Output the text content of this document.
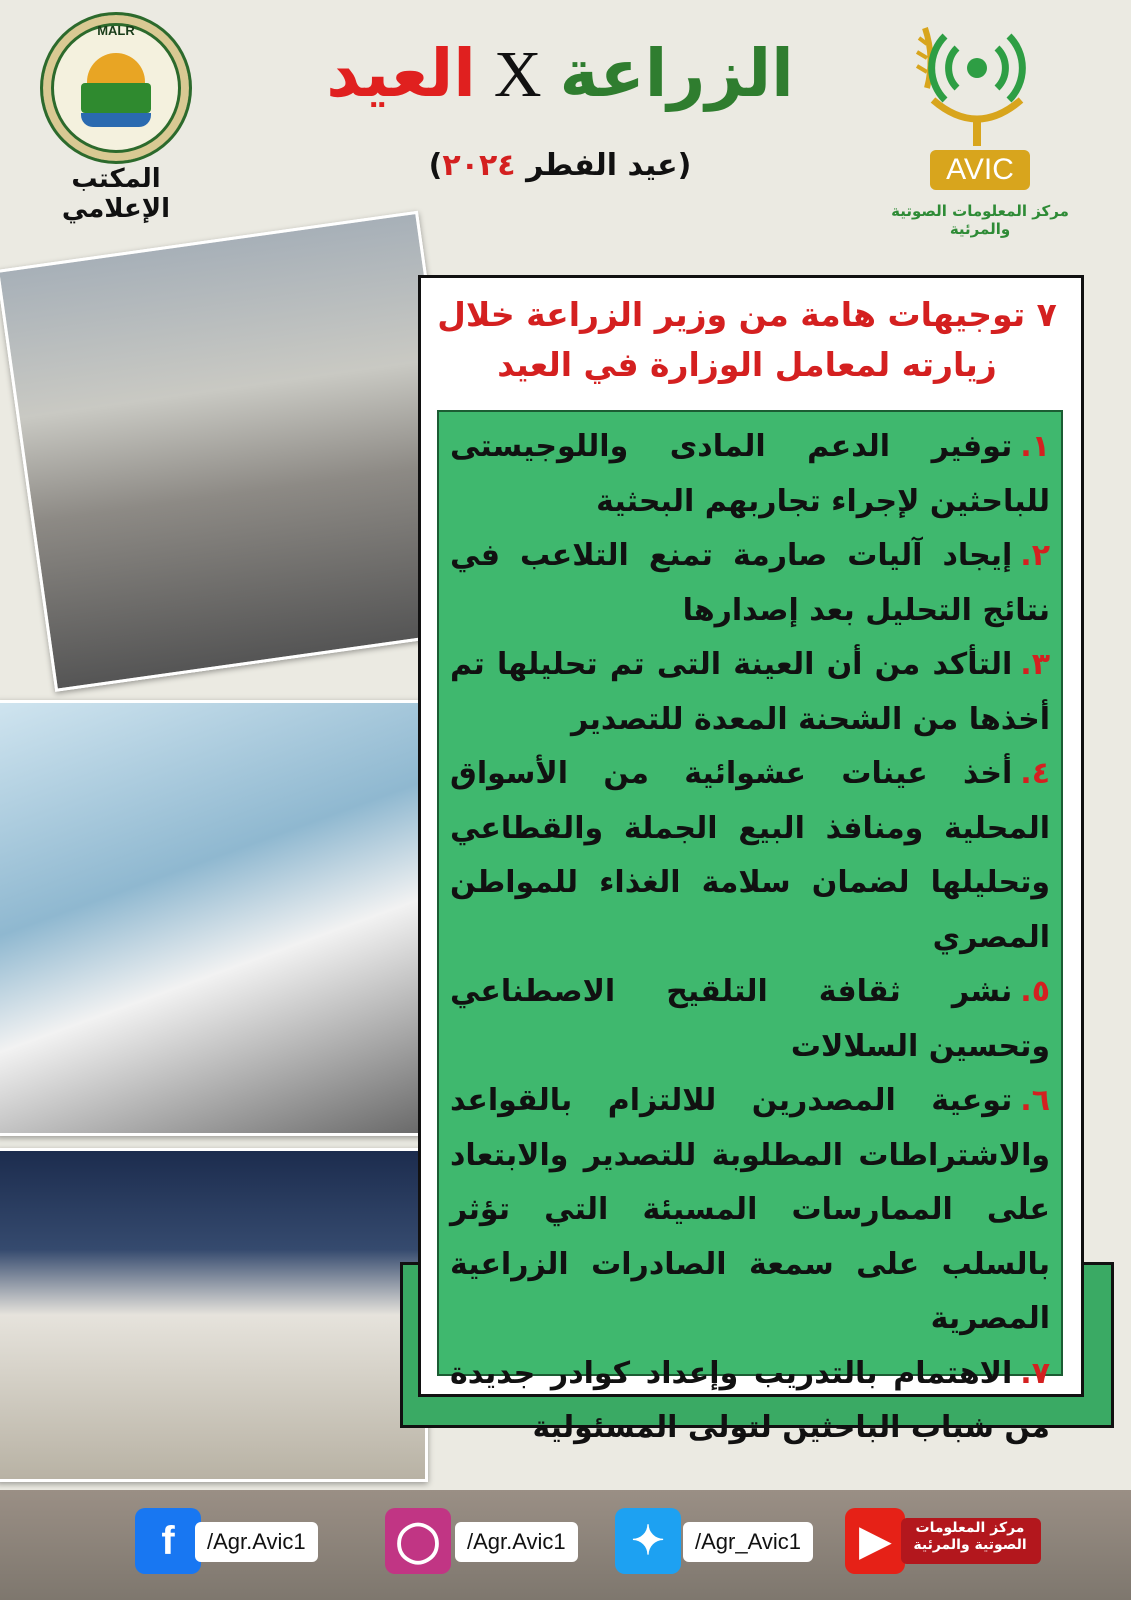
الزراعةXالعيد
(عيد الفطر ٢٠٢٤)
MALR
المكتب الإعلامي
AVIC
مركز المعلومات الصوتية والمرئية
٧ توجيهات هامة من وزير الزراعة خلال زيارته لمعامل الوزارة في العيد

١.توفير الدعم المادى واللوجيستى للباحثين لإجراء تجاربهم البحثية

٢.إيجاد آليات صارمة تمنع التلاعب في نتائج التحليل بعد إصدارها

٣.التأكد من أن العينة التى تم تحليلها تم أخذها من الشحنة المعدة للتصدير

٤.أخذ عينات عشوائية من الأسواق المحلية ومنافذ البيع الجملة والقطاعي وتحليلها لضمان سلامة الغذاء للمواطن المصري

٥.نشر ثقافة التلقيح الاصطناعي وتحسين السلالات

٦.توعية المصدرين للالتزام بالقواعد والاشتراطات المطلوبة للتصدير والابتعاد على الممارسات المسيئة التي تؤثر بالسلب على سمعة الصادرات الزراعية المصرية

٧.الاهتمام بالتدريب وإعداد كوادر جديدة من شباب الباحثين لتولى المسئولية

f	/Agr.Avic1	◯	/Agr.Avic1	✦	/Agr_Avic1	▶	مركز المعلومات الصوتية والمرئية
